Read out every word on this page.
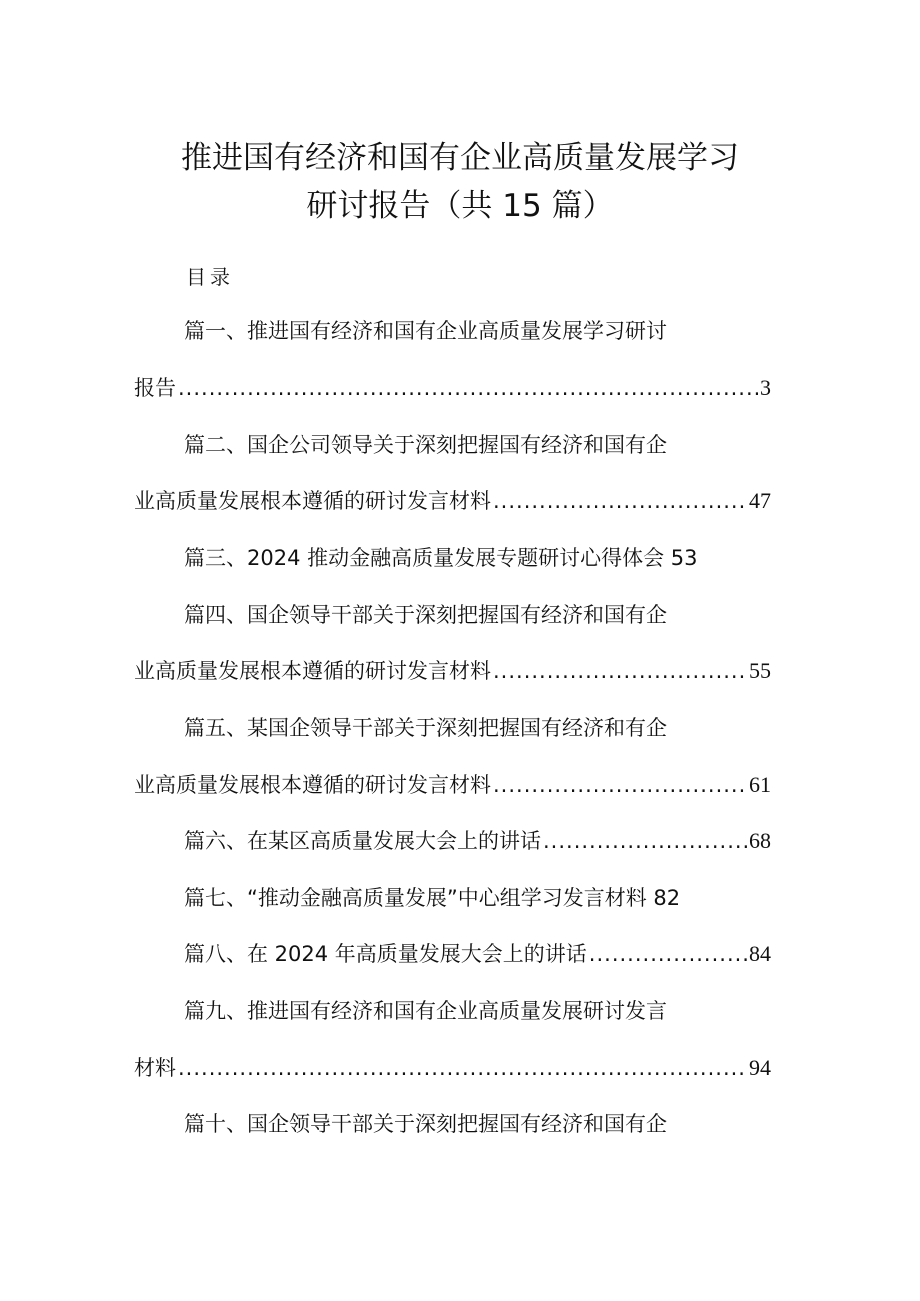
推进国有经济和国有企业高质量发展学习
研讨报告（共 15 篇）
目录
篇一、推进国有经济和国有企业高质量发展学习研讨
报告 .....	3
篇二、国企公司领导关于深刻把握国有经济和国有企
业高质量发展根本遵循的研讨发言材料 .....	47
篇三、2024 推动金融高质量发展专题研讨心得体会 53
篇四、国企领导干部关于深刻把握国有经济和国有企
业高质量发展根本遵循的研讨发言材料 .....	55
篇五、某国企领导干部关于深刻把握国有经济和有企
业高质量发展根本遵循的研讨发言材料 .....	61
篇六、在某区高质量发展大会上的讲话 .....	68
篇七、“推动金融高质量发展”中心组学习发言材料 82
篇八、在 2024 年高质量发展大会上的讲话 .....	84
篇九、推进国有经济和国有企业高质量发展研讨发言
材料 .....	94
篇十、国企领导干部关于深刻把握国有经济和国有企
